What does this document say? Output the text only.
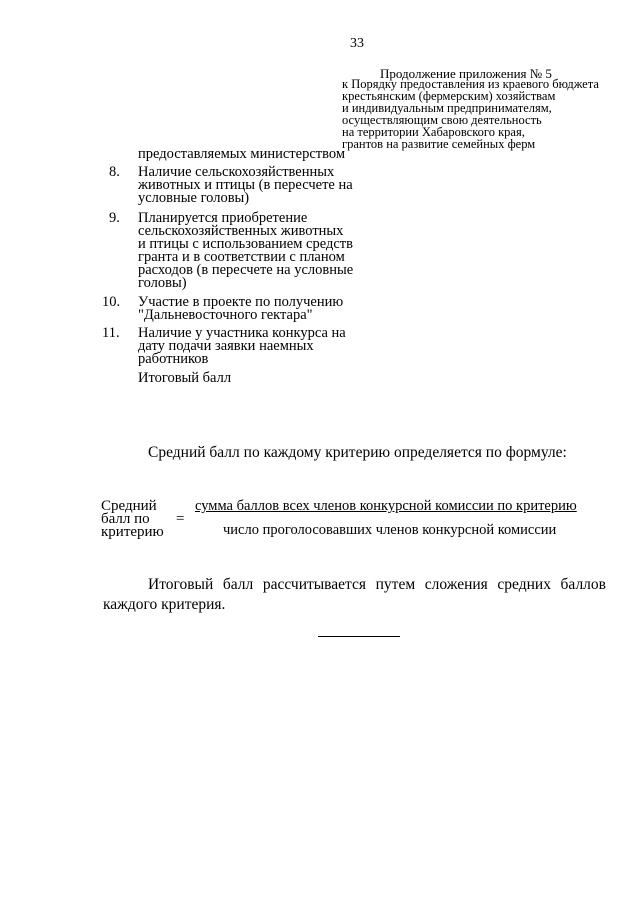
33
Продолжение приложения № 5
к Порядку предоставления из краевого бюджета
крестьянским (фермерским) хозяйствам
и индивидуальным предпринимателям,
осуществляющим свою деятельность
на территории Хабаровского края,
грантов на развитие семейных ферм
предоставляемых министерством
8. Наличие сельскохозяйственных
животных и птицы (в пересчете на
условные головы)
9. Планируется приобретение
сельскохозяйственных животных
и птицы с использованием средств
гранта и в соответствии с планом
расходов (в пересчете на условные
головы)
10. Участие в проекте по получению
"Дальневосточного гектара"
11. Наличие у участника конкурса на
дату подачи заявки наемных
работников
Итоговый балл
Средний балл по каждому критерию определяется по формуле:
Средний
балл по
критерию
=
сумма баллов всех членов конкурсной комиссии по критерию
число проголосовавших членов конкурсной комиссии
Итоговый балл рассчитывается путем сложения средних баллов
каждого критерия.
